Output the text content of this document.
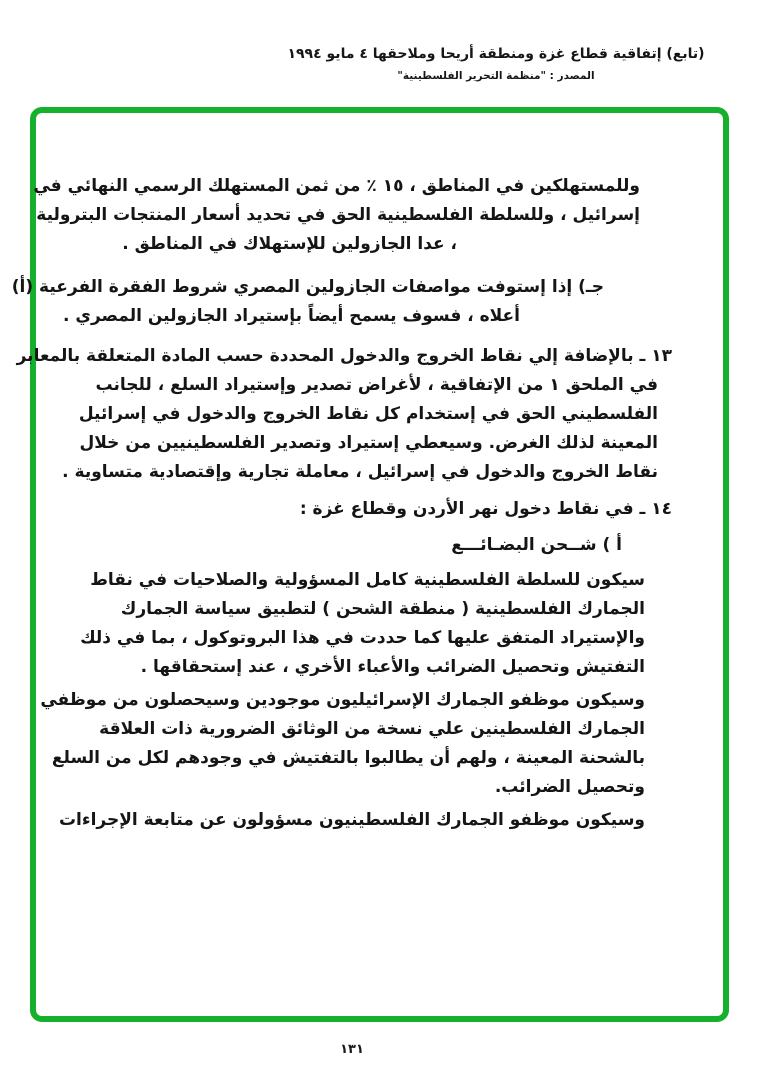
(تابع) إتفاقية قطاع غزة ومنطقة أريحا وملاحقها ٤ مايو ١٩٩٤
المصدر : "منظمة التحرير الفلسطينية"
وللمستهلكين في المناطق ، ١٥ ٪ من ثمن المستهلك الرسمي النهائي في
إسرائيل ، وللسلطة الفلسطينية الحق في تحديد أسعار المنتجات البترولية
، عدا الجازولين للإستهلاك في المناطق .
جـ) إذا إستوفت مواصفات الجازولين المصري شروط الفقرة الفرعية (أ)
أعلاه ، فسوف يسمح أيضاً بإستيراد الجازولين المصري .
١٣ ـ بالإضافة إلي نقاط الخروج والدخول المحددة حسب المادة المتعلقة بالمعابر
في الملحق ١ من الإتفاقية ، لأغراض تصدير وإستيراد السلع ، للجانب
الفلسطيني الحق في إستخدام كل نقاط الخروج والدخول في إسرائيل
المعينة لذلك الغرض. وسيعطي إستيراد وتصدير الفلسطينيين من خلال
نقاط الخروج والدخول في إسرائيل ، معاملة تجارية وإقتصادية متساوية .
١٤ ـ في نقاط دخول نهر الأردن وقطاع غزة :
أ ) شــحن البضـائـــع
سيكون للسلطة الفلسطينية كامل المسؤولية والصلاحيات في نقاط
الجمارك الفلسطينية ( منطقة الشحن ) لتطبيق سياسة الجمارك
والإستيراد المتفق عليها كما حددت في هذا البروتوكول ، بما في ذلك
التفتيش وتحصيل الضرائب والأعباء الأخري ، عند إستحقاقها .
وسيكون موظفو الجمارك الإسرائيليون موجودين وسيحصلون من موظفي
الجمارك الفلسطينين علي نسخة من الوثائق الضرورية ذات العلاقة
بالشحنة المعينة ، ولهم أن يطالبوا بالتفتيش في وجودهم لكل من السلع
وتحصيل الضرائب.
وسيكون موظفو الجمارك الفلسطينيون مسؤولون عن متابعة الإجراءات
١٣١
